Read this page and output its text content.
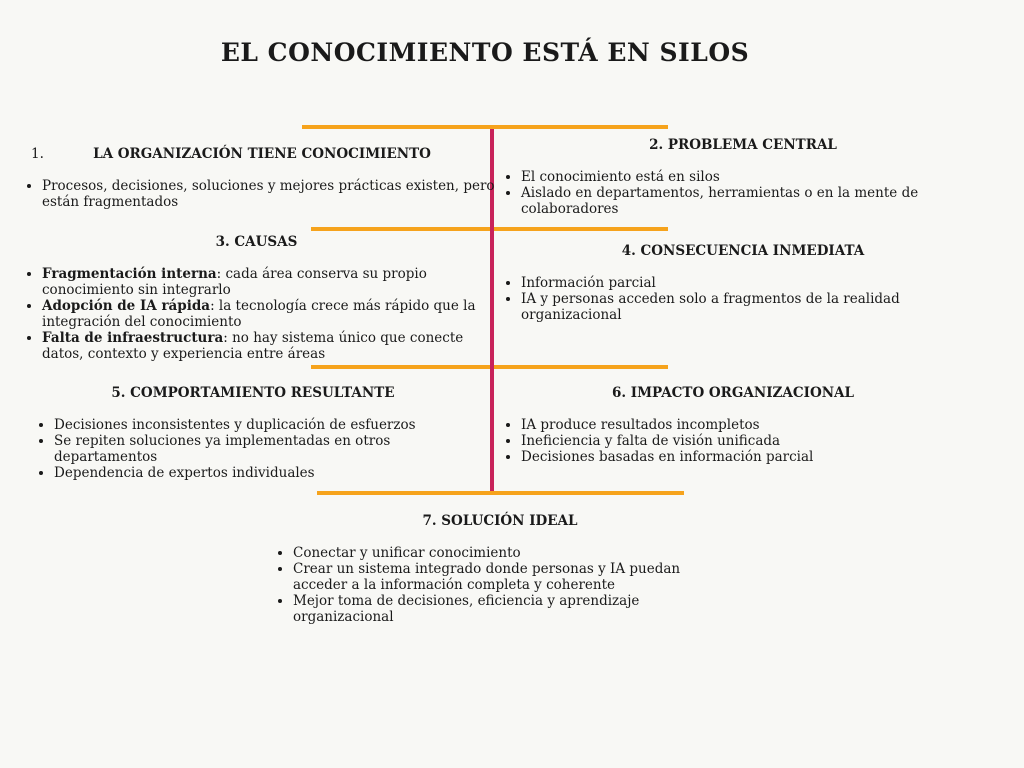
EL CONOCIMIENTO ESTÁ EN SILOS
1.	LA ORGANIZACIÓN TIENE CONOCIMIENTO
• Procesos, decisiones, soluciones y mejores prácticas existen, pero están fragmentados
2. PROBLEMA CENTRAL
• El conocimiento está en silos
• Aislado en departamentos, herramientas o en la mente de colaboradores
3. CAUSAS
• Fragmentación interna: cada área conserva su propio conocimiento sin integrarlo
• Adopción de IA rápida: la tecnología crece más rápido que la integración del conocimiento
• Falta de infraestructura: no hay sistema único que conecte datos, contexto y experiencia entre áreas
4. CONSECUENCIA INMEDIATA
• Información parcial
• IA y personas acceden solo a fragmentos de la realidad organizacional
5. COMPORTAMIENTO RESULTANTE
• Decisiones inconsistentes y duplicación de esfuerzos
• Se repiten soluciones ya implementadas en otros departamentos
• Dependencia de expertos individuales
6. IMPACTO ORGANIZACIONAL
• IA produce resultados incompletos
• Ineficiencia y falta de visión unificada
• Decisiones basadas en información parcial
7. SOLUCIÓN IDEAL
• Conectar y unificar conocimiento
• Crear un sistema integrado donde personas y IA puedan acceder a la información completa y coherente
• Mejor toma de decisiones, eficiencia y aprendizaje organizacional
